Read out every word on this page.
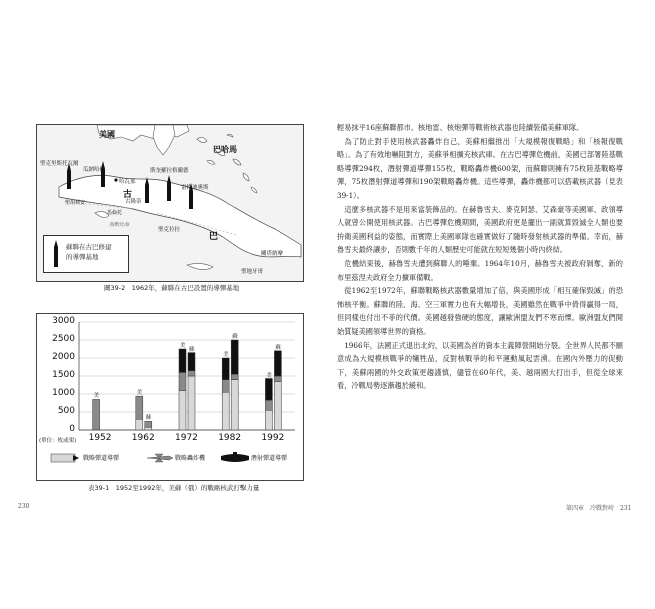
美國
巴哈馬
古
巴
聖克里斯托瓦爾
瓜納哈伊
哈瓦那
斯奎羅拉格蘭德
雷梅迪奧斯
聖胡利安	古隆蒂
馬倫托
加勒比海
聖克拉拉
關塔納摩
聖地牙哥
蘇聯在古巴修建
的導彈基地
圖39-2　1962年，蘇聯在古巴設置的導彈基地
0
500
1000
1500
2000
2500
3000
(單位：枚或架)
美
1952
美
蘇
1962
美
蘇
1972
美
蘇
1982
美
蘇
1992
戰略彈道導彈	戰略轟炸機	潛射彈道導彈
表39-1　1952至1992年，美蘇（俄）的戰略核武打擊力量

輕易抹平16座蘇聯都市。核地雷、核炮彈等戰術核武器也陸續裝備美蘇軍隊。

　為了防止對手使用核武器轟炸自己，美蘇相繼推出「大規模報復戰略」和「核報復戰略」。為了有效地嚇阻對方，美蘇爭相擴充核武庫。在古巴導彈危機前，美國已部署陸基戰略導彈294枚，潛射彈道導彈155枚，戰略轟炸機600架，而蘇聯則擁有75枚陸基戰略導彈，75枚潛射彈道導彈和190架戰略轟炸機。這些導彈，轟炸機都可以搭載核武器（見表39-1）。

　這麼多核武器不是用來當裝飾品的。在赫魯雪夫、麥克阿瑟、艾森豪等美國軍、政領導人就曾公開使用核武器。古巴導彈危機期間，美國政府更是擺出一副就算毀滅全人類也要拚衛美國利益的姿態，而實際上美國軍隊也確實做好了隨時發射核武器的準備。幸而，赫魯雪夫最終讓步，否則數千年的人類歷史可能就在短短幾個小時內終結。

　危機結束後，赫魯雪夫遭到蘇聯人的唾棄。1964年10月，赫魯雪夫被政府剝奪，新的布里茲涅夫政府全力擴軍備戰。

　從1962至1972年，蘇聯戰略核武器數量增加了倍，與美國形成「相互確保毀滅」的恐怖核平衡。蘇聯的陸、海、空三軍實力也有大幅增長，美國雖然在戰爭中倚得贏得一局，但同樣也付出不菲的代價。美國越發強硬的態度，讓歐洲盟友們不寒而慄。歐洲盟友們開始質疑美國領導世界的資格。

　1966年，法國正式退出北約，以美國為首的資本主義陣營開始分裂。全世界人民都不願意成為大規模核戰爭的犧牲品，反對核戰爭的和平運動風起雲湧。在國內外壓力的促動下，美蘇兩國的外交政策更趨謹慎，儘管在60年代，美、越兩國大打出手，但從全球來看，冷戰局勢逐漸趨於緩和。

230	第四章　冷戰對峙　231
